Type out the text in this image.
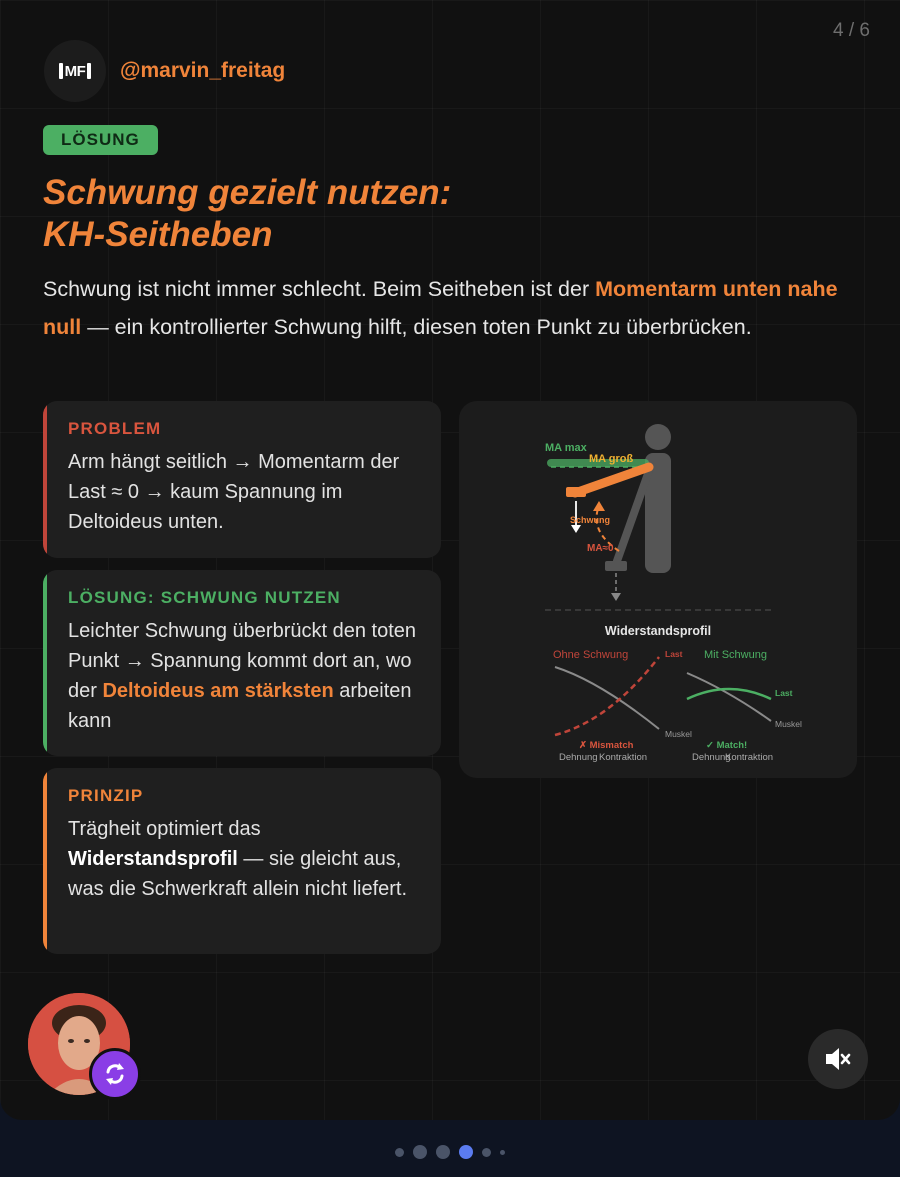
4 / 6
MF @marvin_freitag
LÖSUNG
Schwung gezielt nutzen:
KH-Seitheben

Schwung ist nicht immer schlecht. Beim Seitheben ist der Momentarm unten nahe null — ein kontrollierter Schwung hilft, diesen toten Punkt zu überbrücken.

PROBLEM
Arm hängt seitlich → Momentarm der Last ≈ 0 → kaum Spannung im Deltoideus unten.
LÖSUNG: SCHWUNG NUTZEN
Leichter Schwung überbrückt den toten Punkt → Spannung kommt dort an, wo der Deltoideus am stärksten arbeiten kann
PRINZIP
Trägheit optimiert das Widerstandsprofil — sie gleicht aus, was die Schwerkraft allein nicht liefert.
MA max
MA groß
Schwung
MA≈0
Widerstandsprofil
Ohne Schwung	Last
Muskel
✗ Mismatch
Dehnung Kontraktion
Mit Schwung
Last
Muskel
✓ Match!
Dehnung
Kontraktion
